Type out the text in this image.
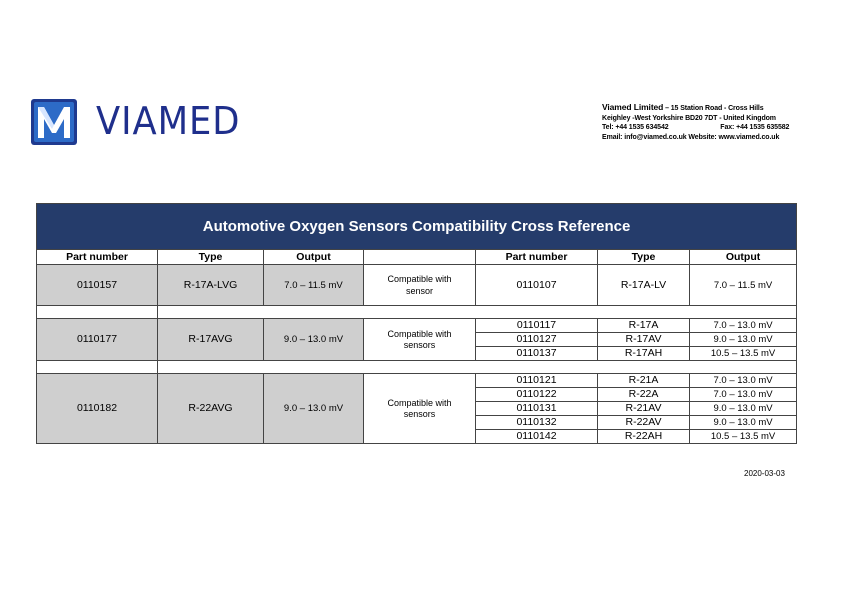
VIAMED	Viamed Limited – 15 Station Road - Cross Hills
Keighley -West Yorkshire BD20 7DT - United Kingdom
Tel: +44 1535 634542	Fax: +44 1535 635582
Email: info@viamed.co.uk Website: www.viamed.co.uk
Automotive Oxygen Sensors Compatibility Cross Reference						
Part number	Type	Output		Part number	Type	Output
0110157	R-17A-LVG	7.0 – 11.5 mV	Compatible with
sensor	0110107	R-17A-LV	7.0 – 11.5 mV

0110177	R-17AVG	9.0 – 13.0 mV	Compatible with
sensors	0110117	R-17A	7.0 – 13.0 mV
				0110127	R-17AV	9.0 – 13.0 mV
				0110137	R-17AH	10.5 – 13.5 mV

0110182	R-22AVG	9.0 – 13.0 mV	Compatible with
sensors	0110121	R-21A	7.0 – 13.0 mV
				0110122	R-22A	7.0 – 13.0 mV
				0110131	R-21AV	9.0 – 13.0 mV
				0110132	R-22AV	9.0 – 13.0 mV
				0110142	R-22AH	10.5 – 13.5 mV
2020-03-03
